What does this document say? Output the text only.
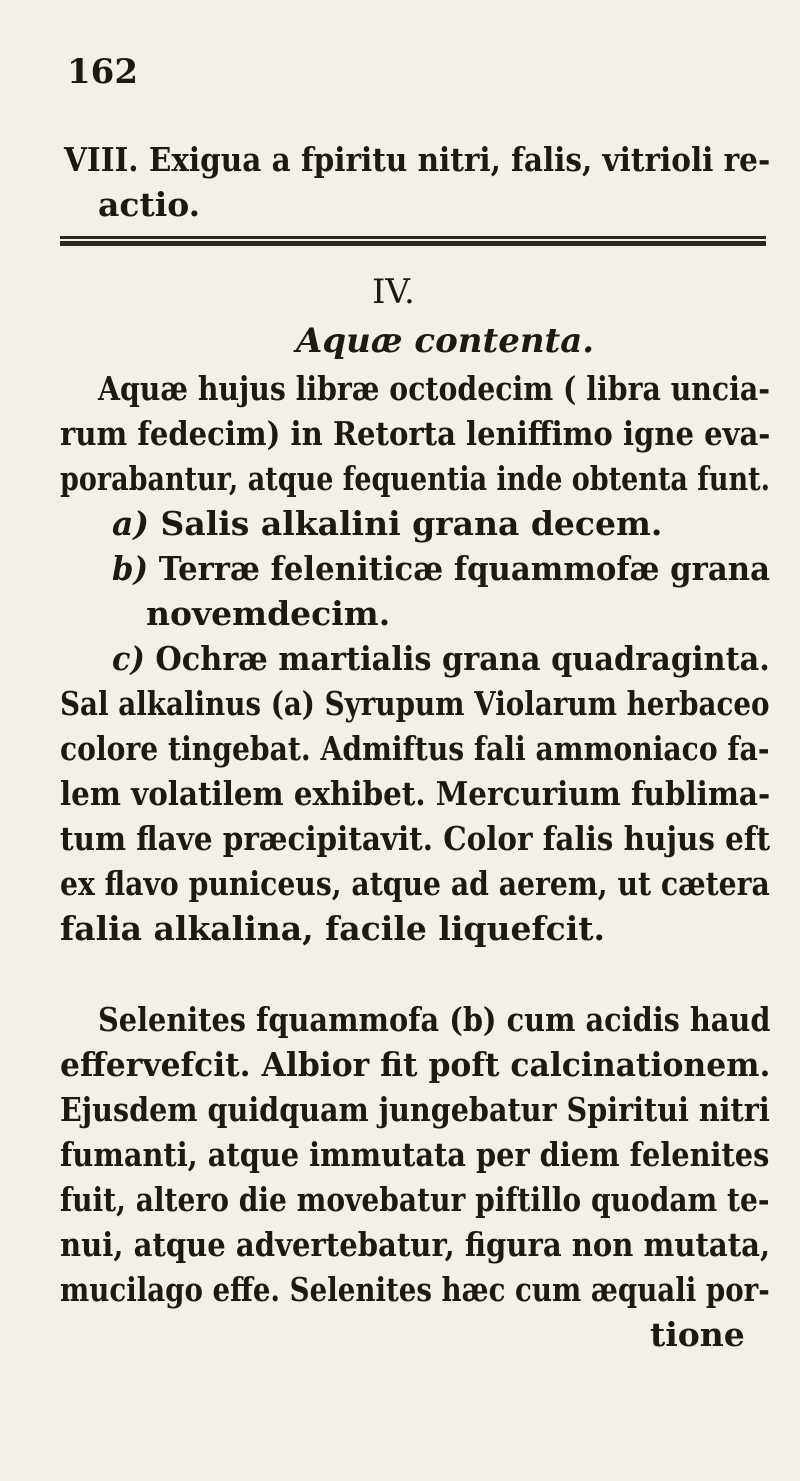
162
VIII. Exigua a fpiritu nitri, falis, vitrioli re-
actio.
IV.
Aquæ contenta.
Aquæ hujus libræ octodecim ( libra uncia-
rum fedecim) in Retorta leniffimo igne eva-
porabantur, atque fequentia inde obtenta funt.
a) Salis alkalini grana decem.
b) Terræ feleniticæ fquammofæ grana
novemdecim.
c) Ochræ martialis grana quadraginta.
Sal alkalinus (a) Syrupum Violarum herbaceo
colore tingebat. Admiftus fali ammoniaco fa-
lem volatilem exhibet. Mercurium fublima-
tum flave præcipitavit. Color falis hujus eft
ex flavo puniceus, atque ad aerem, ut cætera
falia alkalina, facile liquefcit.
Selenites fquammofa (b) cum acidis haud
effervefcit. Albior fit poft calcinationem.
Ejusdem quidquam jungebatur Spiritui nitri
fumanti, atque immutata per diem felenites
fuit, altero die movebatur piftillo quodam te-
nui, atque advertebatur, figura non mutata,
mucilago effe. Selenites hæc cum æquali por-
tione
